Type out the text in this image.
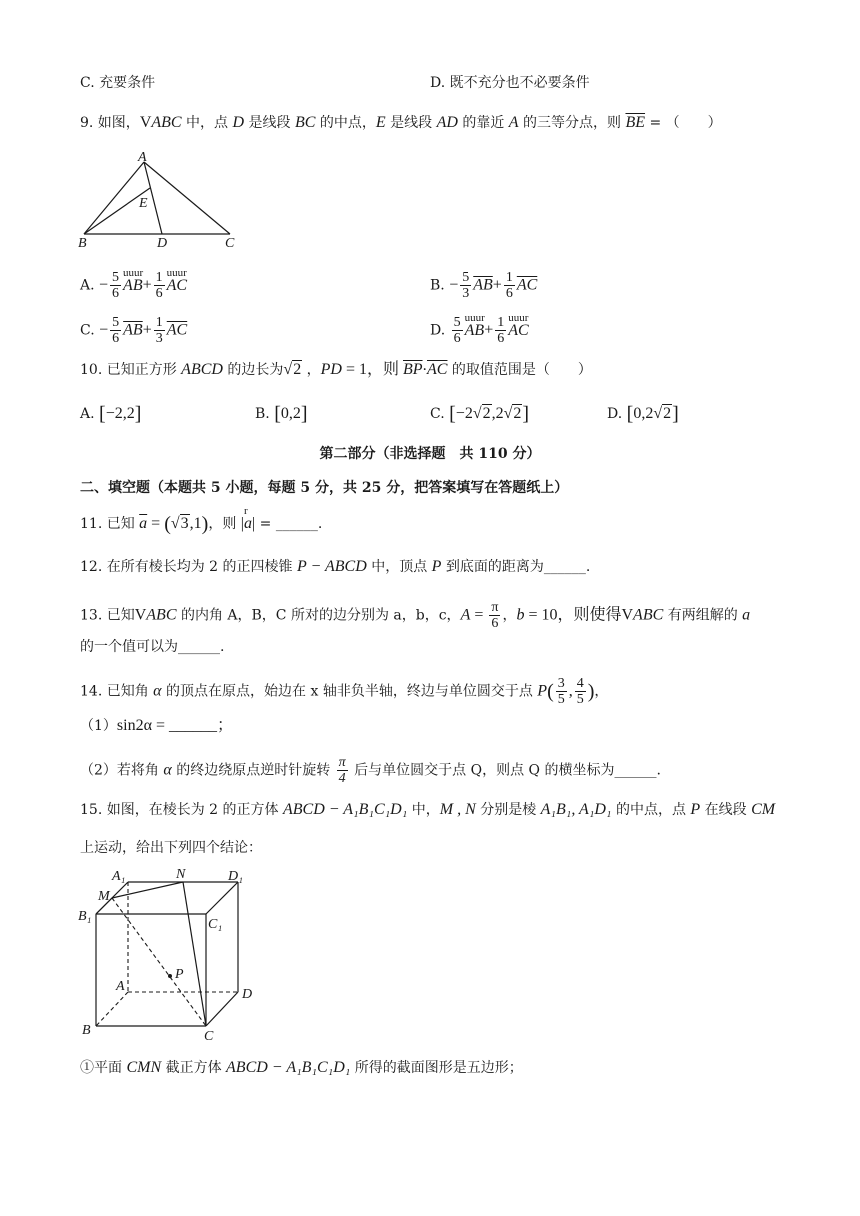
C. 充要条件	D. 既不充分也不必要条件
9. 如图，VABC 中，点 D 是线段 BC 的中点，E 是线段 AD 的靠近 A 的三等分点，则 $\overline{BE}$ = （　　）
A
E
B	D	C
A. − $\frac{5}{6}$ uuur
$AB+ \frac{1}{6}$ uuur
AC	B. − $\frac{5}{3} \overline{AB}+ \frac{1}{6} \overline{AC}$
C. − $\frac{5}{6} \overline{AB}+ \frac{1}{3} \overline{AC}$	D. $\frac{5}{6}$ uuur
$AB+ \frac{1}{6}$ uuur
AC
10. 已知正方形 ABCD 的边长为√2 ，PD = 1，则 $\overline{BP}\cdot\overline{AC}$ 的取值范围是（　　）
A. [−2,2]	B. [0,2]	C. [−2√2,2√2]	D. [0,2√2]
第二部分（非选择题　共 110 分）
二、填空题（本题共 5 小题，每题 5 分，共 25 分，把答案填写在答题纸上）
11. 已知 $\overline{a} = (√3,1)$，则 |
r
a| = ______.
12. 在所有棱长均为 2 的正四棱锥 P − ABCD 中，顶点 P 到底面的距离为______.
13. 已知VABC 的内角 A，B，C 所对的边分别为 a，b，c，$A = \frac{\pi}{6}$ ，b = 10，则使得VABC 有两组解的 a
的一个值可以为______.
14. 已知角 α 的顶点在原点，始边在 x 轴非负半轴，终边与单位圆交于点 $P( \frac{3}{5}$ , $\frac{4}{5}$ )，
（1）sin2α = ______；
（2）若将角 α 的终边绕原点逆时针旋转 $\frac{\pi}{4}$ 后与单位圆交于点 Q，则点 Q 的横坐标为______.
15. 如图，在棱长为 2 的正方体 ABCD − A₁B₁C₁D₁ 中，M , N 分别是棱 A₁B₁, A₁D₁ 的中点，点 P 在线段 CM
上运动，给出下列四个结论：
A₁	N	D₁
M
B₁
C₁
A
P
D
B	C
①平面 CMN 截正方体 ABCD − A₁B₁C₁D₁ 所得的截面图形是五边形；
